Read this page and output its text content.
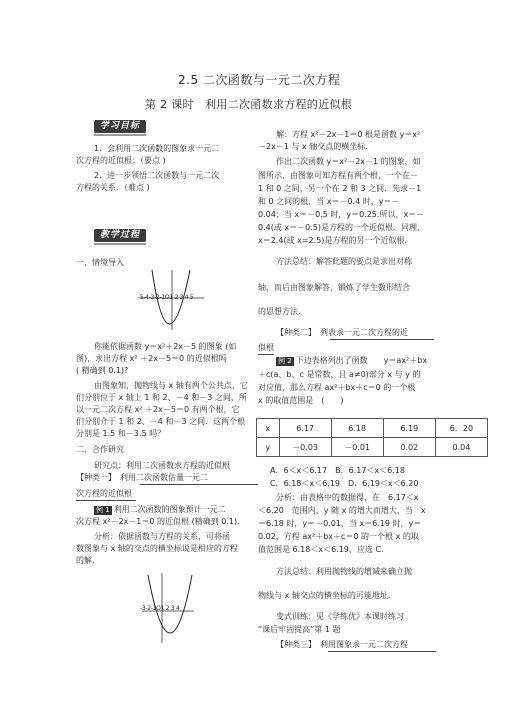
2.5 二次函数与一元二次方程
第 2 课时　利用二次函数求方程的近似根
学习目标
1．会利用二次函数的图象求一元二
次方程的近似根；（要点 )
2．进一步领悟二次函数与一元二次
方程的关系．（难点 )
教学过程
一、情境导入
-5-4-3-2-1O1 2 3 4 5
你能依据函数 y＝x²＋2x－5 的图象 (如
图)，求出方程 x² ＋2x－5＝0 的近似根吗
( 精确到 0.1)?
由图象知，抛物线与 x 轴有两个公共点，它
们分别位于 x 轴上 1 和 2、－4 和－3 之间，所
以一元二次方程 x² ＋2x－5＝0 有两个根，它
们分别介于 1 和 2、－4 和－3 之间．这两个根
分别是 1.5 和－3.5 吗？
二、合作研究
研究点：利用二次函数求方程的近似根
【种类一】　利用二次函数估量一元二
次方程的近似根
例 1 利用二次函数的图象预计一元二
次方程 x²－2x－1＝0 的近似根 (精确到 0.1)．
分析：依据函数与方程的关系，可将函
数图象与 x 轴的交点的横坐标说是相应的方程
的解.
-3-2-1O1 2 3 4
解：方程 x²－2x－1＝0 根是函数 y＝x²
－2x－1 与 x 轴交点的横坐标.
作出二次函数 y＝x²－2x－1 的图象，如
图所示，由图象可知方程有两个根，一个在－
1 和 0 之间，另一个在 2 和 3 之间．先求－1
和 0 之间的根，当 x＝－0.4 时，y＝－
0.04；当 x＝－0.5 时，y＝0.25.所以，x＝－
0.4(或 x＝－0.5)是方程的一个近似根．同理，
x＝2.4(或 x=2.5)是方程的另一个近似根.
方法总结：解答此题的要点是求出对称
轴，而后由图象解答，锻炼了学生数形结合
的思想方法．
【种类二】　列表求一元二次方程的近
似根
例 2 下边表格列出了函数　　y＝ax²＋bx
＋c(a、b、c 是常数，且 a≠0)部分 x 与 y 的
对应值，那么方程 ax²＋bx＋c＝0 的一个根
x 的取值范围是　(　　)
x	6.17	6.18	6.19	6．20
y	－0.03	－0.01	0.02	0.04
A．6＜x＜6.17　B．6.17＜x＜6.18
C．6.18＜x＜6.19　D．6.19＜x＜6.20
分析：由表格中的数据得，在　6.17＜x
＜6.20　范围内，y 随 x 的增大而增大，当　x
＝6.18 时，y＝－0.01，当 x＝6.19 时，y＝
0.02，方程 ax²＋bx＋c＝0 的一个根 x 的取
值范围是 6.18＜x＜6.19，应选 C.
方法总结：利用抛物线的增减来确立抛
物线与 x 轴交点的横坐标的可能地址．
变式训练：见《学练优》本课时练习
“课后牢固提高”第 1 题
【种类三】　利用图象求一元二次方程
